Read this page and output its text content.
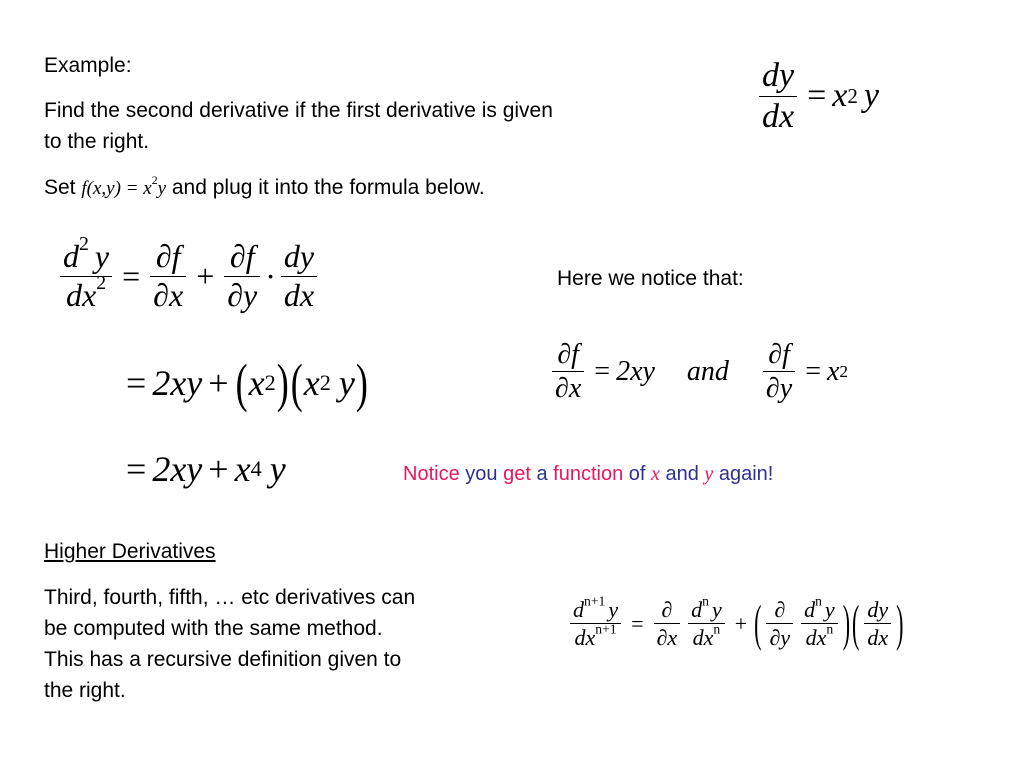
Example:
Find the second derivative if the first derivative is given
to the right.
Set $f(x,y) = x^2y$ and plug it into the formula below.
$\frac{dy}{dx} = x$ 2 y
$\frac{d^2 y}{dx^2} = \frac{\partial f}{\partial x} + \frac{\partial f}{\partial y} \cdot \frac{dy}{dx}$
= 2xy + ( x 2 ) ( x 2 y )
= 2xy + x 4 y
Here we notice that:
$\frac{\partial f}{\partial x} = 2xy$ and $\frac{\partial f}{\partial y} = x$ 2
Notice you get a function of x and y again!
Higher Derivatives
Third, fourth, fifth, … etc derivatives can
be computed with the same method.
This has a recursive definition given to
the right.
$\frac{d^{n+1} y}{dx^{n+1}} = \frac{\partial}{\partial x} \frac{d^n y}{dx^n}$ + ( $\frac{\partial}{\partial y} \frac{d^n y}{dx^n}$ ) ( $\frac{dy}{dx}$ )
